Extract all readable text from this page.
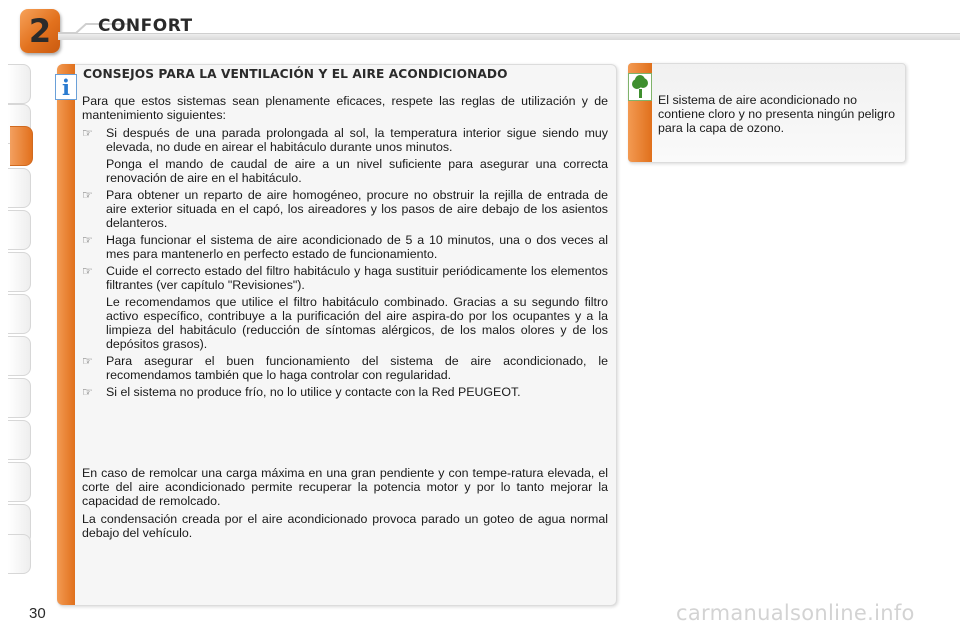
2	CONFORT
i
CONSEJOS PARA LA VENTILACIÓN Y EL AIRE ACONDICIONADO
Para que estos sistemas sean plenamente eficaces, respete las reglas de utilización y de mantenimiento siguientes:
☞ Si después de una parada prolongada al sol, la temperatura interior sigue siendo muy elevada, no dude en airear el habitáculo durante unos minutos.
Ponga el mando de caudal de aire a un nivel suficiente para asegurar una correcta renovación de aire en el habitáculo.
☞ Para obtener un reparto de aire homogéneo, procure no obstruir la rejilla de entrada de aire exterior situada en el capó, los aireadores y los pasos de aire debajo de los asientos delanteros.
☞ Haga funcionar el sistema de aire acondicionado de 5 a 10 minutos, una o dos veces al mes para mantenerlo en perfecto estado de funcionamiento.
☞ Cuide el correcto estado del filtro habitáculo y haga sustituir periódicamente los elementos filtrantes (ver capítulo "Revisiones").
Le recomendamos que utilice el filtro habitáculo combinado. Gracias a su segundo filtro activo específico, contribuye a la purificación del aire aspira-do por los ocupantes y a la limpieza del habitáculo (reducción de síntomas alérgicos, de los malos olores y de los depósitos grasos).
☞ Para asegurar el buen funcionamiento del sistema de aire acondicionado, le recomendamos también que lo haga controlar con regularidad.
☞ Si el sistema no produce frío, no lo utilice y contacte con la Red PEUGEOT.
En caso de remolcar una carga máxima en una gran pendiente y con tempe-ratura elevada, el corte del aire acondicionado permite recuperar la potencia motor y por lo tanto mejorar la capacidad de remolcado.
La condensación creada por el aire acondicionado provoca parado un goteo de agua normal debajo del vehículo.
El sistema de aire acondicionado no contiene cloro y no presenta ningún peligro para la capa de ozono.
30	carmanualsonline.info
